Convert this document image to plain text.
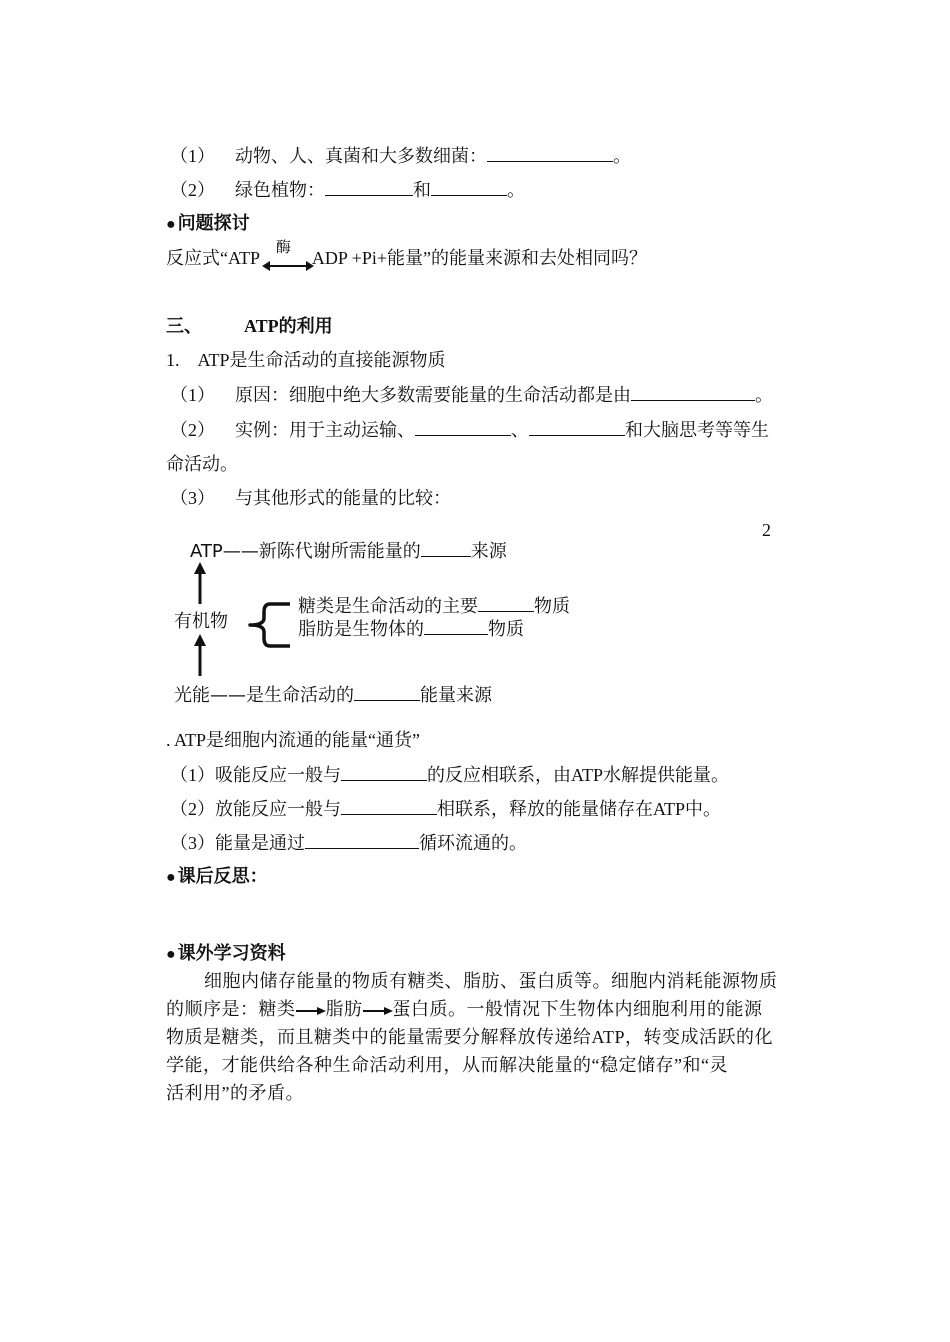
（1） 动物、人、真菌和大多数细菌：	。
（2） 绿色植物：	和	。
● 问题探讨
反应式“ATP 酶 ADP +Pi+能量”的能量来源和去处相同吗？
三、 ATP的利用
1.　ATP是生命活动的直接能源物质
（1） 原因：细胞中绝大多数需要能量的生命活动都是由	。
（2） 实例：用于主动运输、	、	和大脑思考等等生
命活动。
（3） 与其他形式的能量的比较：
2
ATP——新陈代谢所需能量的	来源
有机物
糖类是生命活动的主要	物质
脂肪是生物体的	物质
光能——是生命活动的	能量来源
. ATP是细胞内流通的能量“通货”
（1）吸能反应一般与	的反应相联系，由ATP水解提供能量。
（2）放能反应一般与	相联系，释放的能量储存在ATP中。
（3）能量是通过	循环流通的。
● 课后反思：
● 课外学习资料
细胞内储存能量的物质有糖类、脂肪、蛋白质等。细胞内消耗能源物质
的顺序是：糖类 脂肪 蛋白质。一般情况下生物体内细胞利用的能源
物质是糖类，而且糖类中的能量需要分解释放传递给ATP，转变成活跃的化
学能，才能供给各种生命活动利用，从而解决能量的“稳定储存”和“灵
活利用”的矛盾。
